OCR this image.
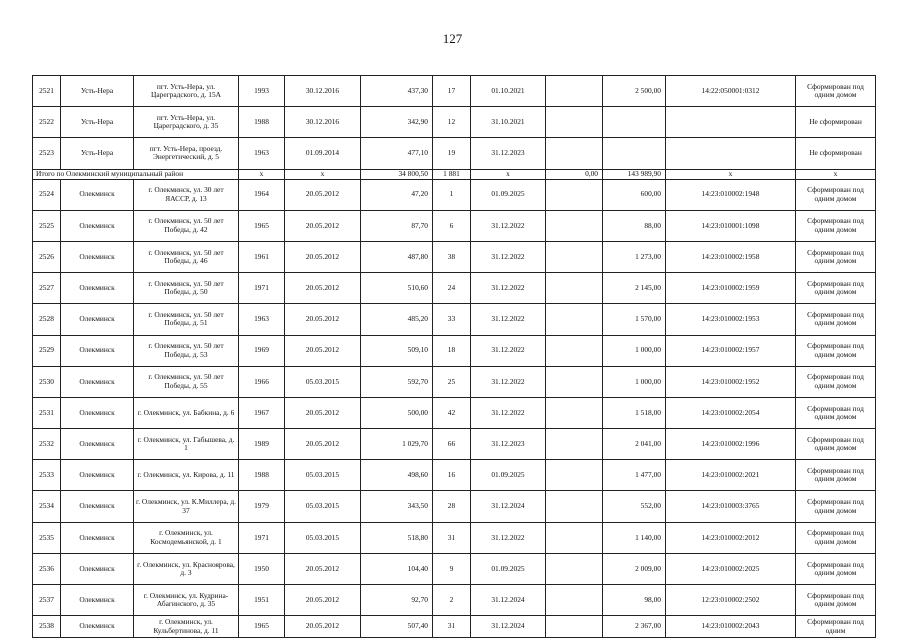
127
2521	Усть-Нера	пгт. Усть-Нера, ул. Цареградского, д. 15А	1993	30.12.2016	437,30	17	01.10.2021		2 500,00	14:22:050001:0312	Сформирован под одним домом
2522	Усть-Нера	пгт. Усть-Нера, ул. Цареградского, д. 35	1988	30.12.2016	342,90	12	31.10.2021				Не сформирован
2523	Усть-Нера	пгт. Усть-Нера, проезд. Энергетический, д. 5	1963	01.09.2014	477,10	19	31.12.2023				Не сформирован
Итого по Олекминский муниципальный район			x	x	34 800,50	1 881	x	0,00	143 989,90	x	x
2524	Олекминск	г. Олекминск, ул. 30 лет ЯАССР, д. 13	1964	20.05.2012	47,20	1	01.09.2025		600,00	14:23:010002:1948	Сформирован под одним домом
2525	Олекминск	г. Олекминск, ул. 50 лет Победы, д. 42	1965	20.05.2012	87,70	6	31.12.2022		88,00	14:23:010001:1098	Сформирован под одним домом
2526	Олекминск	г. Олекминск, ул. 50 лет Победы, д. 46	1961	20.05.2012	487,80	38	31.12.2022		1 273,00	14:23:010002:1958	Сформирован под одним домом
2527	Олекминск	г. Олекминск, ул. 50 лет Победы, д. 50	1971	20.05.2012	510,60	24	31.12.2022		2 145,00	14:23:010002:1959	Сформирован под одним домом
2528	Олекминск	г. Олекминск, ул. 50 лет Победы, д. 51	1963	20.05.2012	485,20	33	31.12.2022		1 570,00	14:23:010002:1953	Сформирован под одним домом
2529	Олекминск	г. Олекминск, ул. 50 лет Победы, д. 53	1969	20.05.2012	509,10	18	31.12.2022		1 000,00	14:23:010002:1957	Сформирован под одним домом
2530	Олекминск	г. Олекминск, ул. 50 лет Победы, д. 55	1966	05.03.2015	592,70	25	31.12.2022		1 000,00	14:23:010002:1952	Сформирован под одним домом
2531	Олекминск	г. Олекминск, ул. Бабкина, д. 6	1967	20.05.2012	500,00	42	31.12.2022		1 518,00	14:23:010002:2054	Сформирован под одним домом
2532	Олекминск	г. Олекминск, ул. Габышева, д. 1	1989	20.05.2012	1 029,70	66	31.12.2023		2 041,00	14:23:010002:1996	Сформирован под одним домом
2533	Олекминск	г. Олекминск, ул. Кирова, д. 11	1988	05.03.2015	498,60	16	01.09.2025		1 477,00	14:23:010002:2021	Сформирован под одним домом
2534	Олекминск	г. Олекминск, ул. К.Миллера, д. 37	1979	05.03.2015	343,50	28	31.12.2024		552,00	14:23:010003:3765	Сформирован под одним домом
2535	Олекминск	г. Олекминск, ул. Космодемьянской, д. 1	1971	05.03.2015	518,80	31	31.12.2022		1 140,00	14:23:010002:2012	Сформирован под одним домом
2536	Олекминск	г. Олекминск, ул. Красноярова, д. 3	1950	20.05.2012	104,40	9	01.09.2025		2 009,00	14:23:010002:2025	Сформирован под одним домом
2537	Олекминск	г. Олекминск, ул. Кудрина-Абагинского, д. 35	1951	20.05.2012	92,70	2	31.12.2024		98,00	12:23:010002:2502	Сформирован под одним домом
2538	Олекминск	г. Олекминск, ул. Кульбертинова, д. 11	1965	20.05.2012	507,40	31	31.12.2024		2 367,00	14:23:010002:2043	Сформирован под одним
